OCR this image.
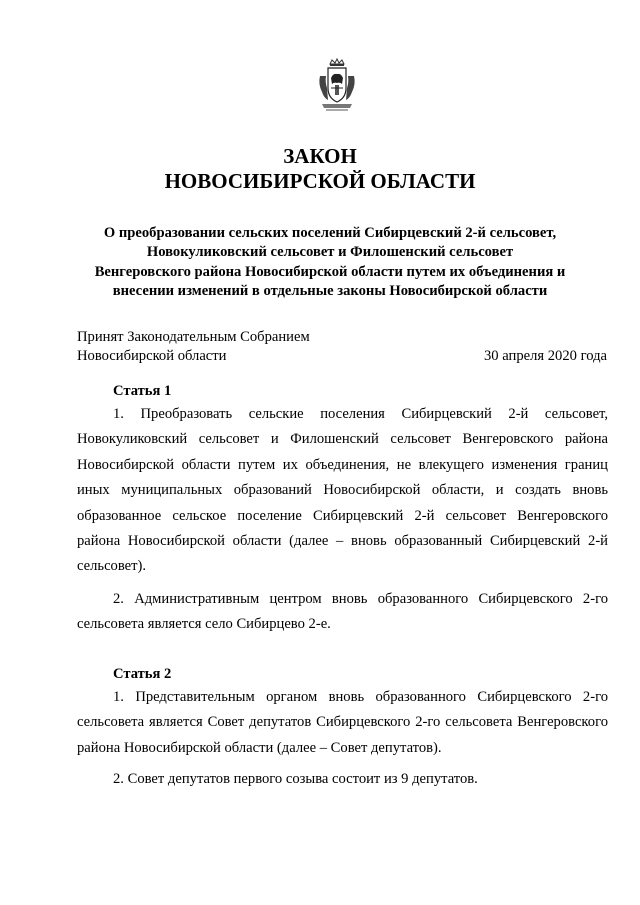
ЗАКОН
НОВОСИБИРСКОЙ ОБЛАСТИ
О преобразовании сельских поселений Сибирцевский 2-й сельсовет,
Новокуликовский сельсовет и Филошенский сельсовет
Венгеровского района Новосибирской области путем их объединения и
внесении изменений в отдельные законы Новосибирской области
Принят Законодательным Собранием
Новосибирской области	30 апреля 2020 года
Статья 1

1. Преобразовать сельские поселения Сибирцевский 2-й сельсовет, Новокуликовский сельсовет и Филошенский сельсовет Венгеровского района Новосибирской области путем их объединения, не влекущего изменения границ иных муниципальных образований Новосибирской области, и создать вновь образованное сельское поселение Сибирцевский 2-й сельсовет Венгеровского района Новосибирской области (далее – вновь образованный Сибирцевский 2-й сельсовет).

2. Административным центром вновь образованного Сибирцевского 2-го сельсовета является село Сибирцево 2-е.

Статья 2

1. Представительным органом вновь образованного Сибирцевского 2-го сельсовета является Совет депутатов Сибирцевского 2-го сельсовета Венгеровского района Новосибирской области (далее – Совет депутатов).

2. Совет депутатов первого созыва состоит из 9 депутатов.
